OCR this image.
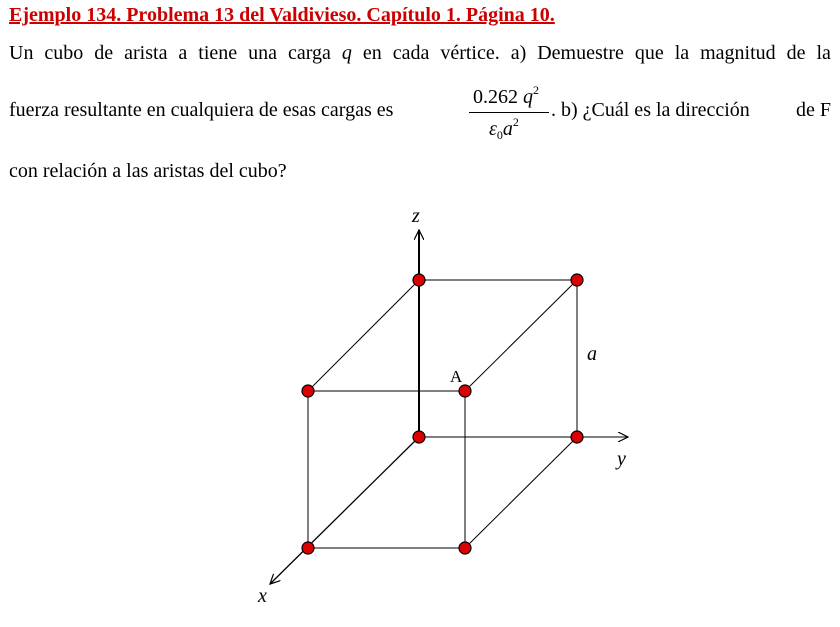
Ejemplo 134. Problema 13 del Valdivieso. Capítulo 1. Página 10.
Un cubo de arista a tiene una carga q en cada vértice. a) Demuestre que la magnitud de la
fuerza resultante en cualquiera de esas cargas es
0.262 $q^2$
$\varepsilon_0a^2$
. b) ¿Cuál es la dirección de F
con relación a las aristas del cubo?
z
y
x
a
A
